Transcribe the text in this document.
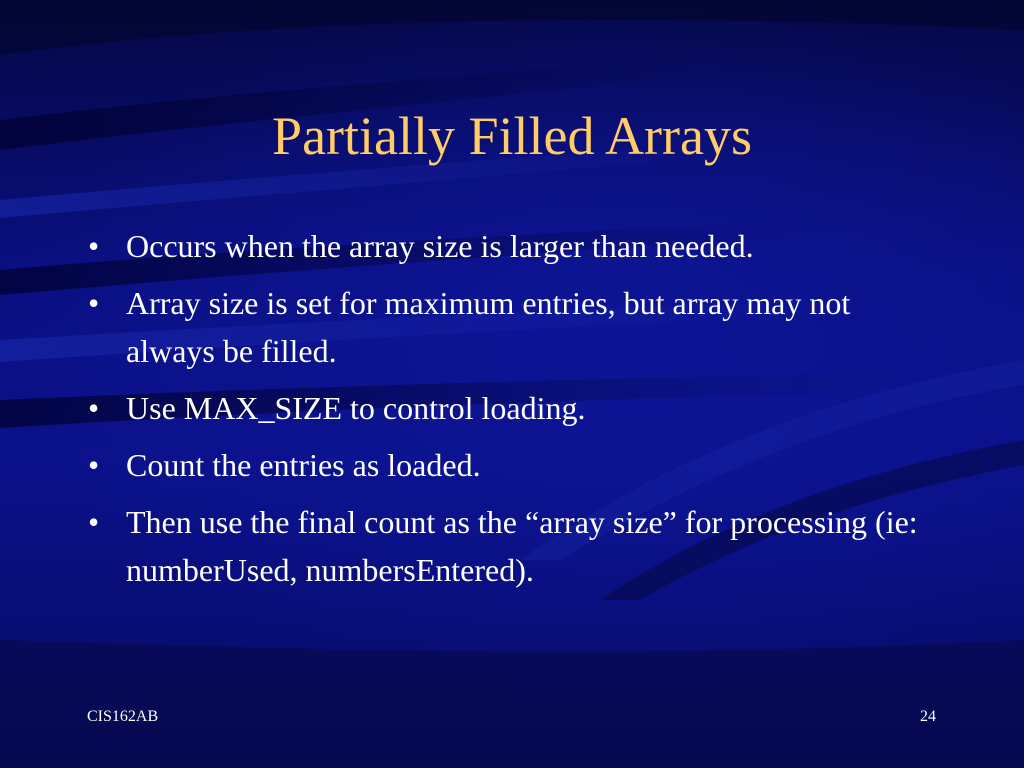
Partially Filled Arrays
• Occurs when the array size is larger than needed.
• Array size is set for maximum entries, but array may not always be filled.
• Use MAX_SIZE to control loading.
• Count the entries as loaded.
• Then use the final count as the “array size” for processing (ie: numberUsed, numbersEntered).
CIS162AB	24
